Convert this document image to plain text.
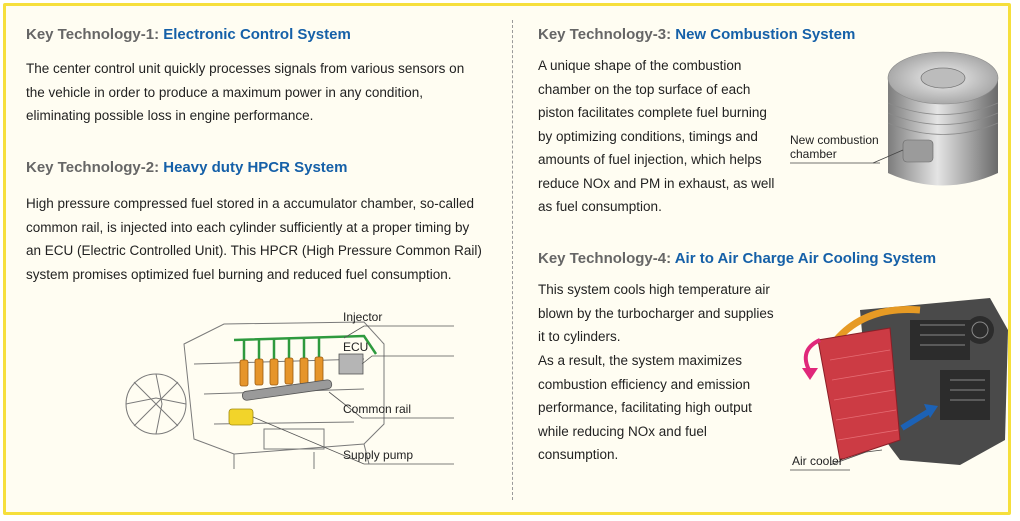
Key Technology-1: Electronic Control System

The center control unit quickly processes signals from various sensors on the vehicle in order to produce a maximum power in any condition, eliminating possible loss in engine performance.

Key Technology-2: Heavy duty HPCR System

High pressure compressed fuel stored in a accumulator chamber, so-called common rail, is injected into each cylinder sufficiently at a proper timing by an ECU (Electric Controlled Unit). This HPCR (High Pressure Common Rail) system promises optimized fuel burning and reduced fuel consumption.

Injector
ECU
Common rail
Supply pump
Key Technology-3: New Combustion System

A unique shape of the combustion chamber on the top surface of each piston facilitates complete fuel burning by optimizing conditions, timings and amounts of fuel injection, which helps reduce NOx and PM in exhaust, as well as fuel consumption.

New combustion chamber
Key Technology-4: Air to Air Charge Air Cooling System

This system cools high temperature air blown by the turbocharger and supplies it to cylinders.

As a result, the system maximizes combustion efficiency and emission performance, facilitating high output while reducing NOx and fuel consumption.	Air cooler
